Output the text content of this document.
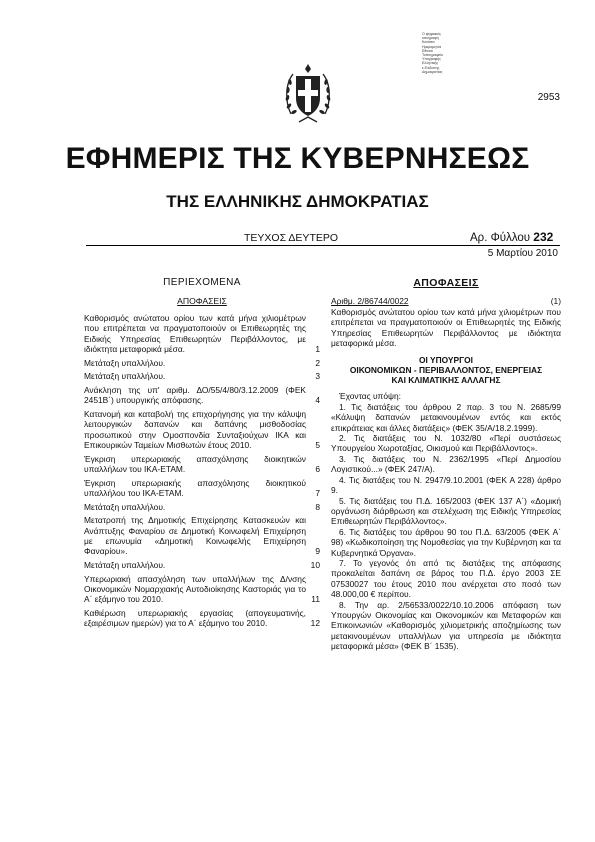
Ο ψηφιακός
υπογραφή
Κατόπιν
Ημερομηνία
Εθνικό
Τυπογραφείο
Υπογραφής
Ελληνικής
ε-Έκδοσης
Δημοκρατίας
2953
ΕΦΗΜΕΡΙΣ ΤΗΣ ΚΥΒΕΡΝΗΣΕΩΣ
ΤΗΣ ΕΛΛΗΝΙΚΗΣ ΔΗΜΟΚΡΑΤΙΑΣ
ΤΕΥΧΟΣ ΔΕΥΤΕΡΟ	Αρ. Φύλλου 232
5 Μαρτίου 2010
ΠΕΡΙΕΧΟΜΕΝΑ
ΑΠΟΦΑΣΕΙΣ
Καθορισμός ανώτατου ορίου των κατά μήνα χιλιομέτρων που επιτρέπεται να πραγματοποιούν οι Επιθεωρητές της Ειδικής Υπηρεσίας Επιθεωρητών Περιβάλλοντος, με ιδιόκτητα μεταφορικά μέσα.	1
Μετάταξη υπαλλήλου.	2
Μετάταξη υπαλλήλου.	3
Ανάκληση της υπ' αριθμ. ΔΟ/55/4/80/3.12.2009 (ΦΕΚ 2451Β΄) υπουργικής απόφασης.	4
Κατανομή και καταβολή της επιχορήγησης για την κάλυψη λειτουργικών δαπανών και δαπάνης μισθοδοσίας προσωπικού στην Ομοσπονδία Συνταξιούχων ΙΚΑ και Επικουρικών Ταμείων Μισθωτών έτους 2010.	5
Έγκριση υπερωριακής απασχόλησης διοικητικών υπαλλήλων του ΙΚΑ-ΕΤΑΜ.	6
Έγκριση υπερωριακής απασχόλησης διοικητικού υπαλλήλου του ΙΚΑ-ΕΤΑΜ.	7
Μετάταξη υπαλλήλου.	8
Μετατροπή της Δημοτικής Επιχείρησης Κατασκευών και Ανάπτυξης Φαναρίου σε Δημοτική Κοινωφελή Επιχείρηση με επωνυμία «Δημοτική Κοινωφελής Επιχείρηση Φαναρίου».	9
Μετάταξη υπαλλήλου.	10
Υπερωριακή απασχόληση των υπαλλήλων της Δ/νσης Οικονομικών Νομαρχιακής Αυτοδιοίκησης Καστοριάς για το Α΄ εξάμηνο του 2010.	11
Καθιέρωση υπερωριακής εργασίας (απογευματινής, εξαιρέσιμων ημερών) για το Α΄ εξάμηνο του 2010.	12
ΑΠΟΦΑΣΕΙΣ
Αριθμ. 2/86744/0022	(1)
Καθορισμός ανώτατου ορίου των κατά μήνα χιλιομέτρων που επιτρέπεται να πραγματοποιούν οι Επιθεωρητές της Ειδικής Υπηρεσίας Επιθεωρητών Περιβάλλοντος με ιδιόκτητα μεταφορικά μέσα.
ΟΙ ΥΠΟΥΡΓΟΙ
ΟΙΚΟΝΟΜΙΚΩΝ - ΠΕΡΙΒΑΛΛΟΝΤΟΣ, ΕΝΕΡΓΕΙΑΣ
ΚΑΙ ΚΛΙΜΑΤΙΚΗΣ ΑΛΛΑΓΗΣ
Έχοντας υπόψη:
1. Τις διατάξεις του άρθρου 2 παρ. 3 του Ν. 2685/99 «Κάλυψη δαπανών μετακινουμένων εντός και εκτός επικράτειας και άλλες διατάξεις» (ΦΕΚ 35/Α/18.2.1999).
2. Τις διατάξεις του Ν. 1032/80 «Περί συστάσεως Υπουργείου Χωροταξίας, Οικισμού και Περιβάλλοντος».
3. Τις διατάξεις του Ν. 2362/1995 «Περί Δημοσίου Λογιστικού...» (ΦΕΚ 247/Α).
4. Τις διατάξεις του Ν. 2947/9.10.2001 (ΦΕΚ Α 228) άρθρο 9.
5. Τις διατάξεις του Π.Δ. 165/2003 (ΦΕΚ 137 Α΄) «Δομική οργάνωση διάρθρωση και στελέχωση της Ειδικής Υπηρεσίας Επιθεωρητών Περιβάλλοντος».
6. Τις διατάξεις του άρθρου 90 του Π.Δ. 63/2005 (ΦΕΚ Α΄ 98) «Κωδικοποίηση της Νομοθεσίας για την Κυβέρνηση και τα Κυβερνητικά Όργανα».
7. Το γεγονός ότι από τις διατάξεις της απόφασης προκαλείται δαπάνη σε βάρος του Π.Δ. έργο 2003 ΣΕ 07530027 του έτους 2010 που ανέρχεται στο ποσό των 48.000,00 € περίπου.
8. Την αρ. 2/56533/0022/10.10.2006 απόφαση των Υπουργών Οικονομίας και Οικονομικών και Μεταφορών και Επικοινωνιών «Καθορισμός χιλιομετρικής αποζημίωσης των μετακινουμένων υπαλλήλων για υπηρεσία με ιδιόκτητα μεταφορικά μέσα» (ΦΕΚ Β΄ 1535).
